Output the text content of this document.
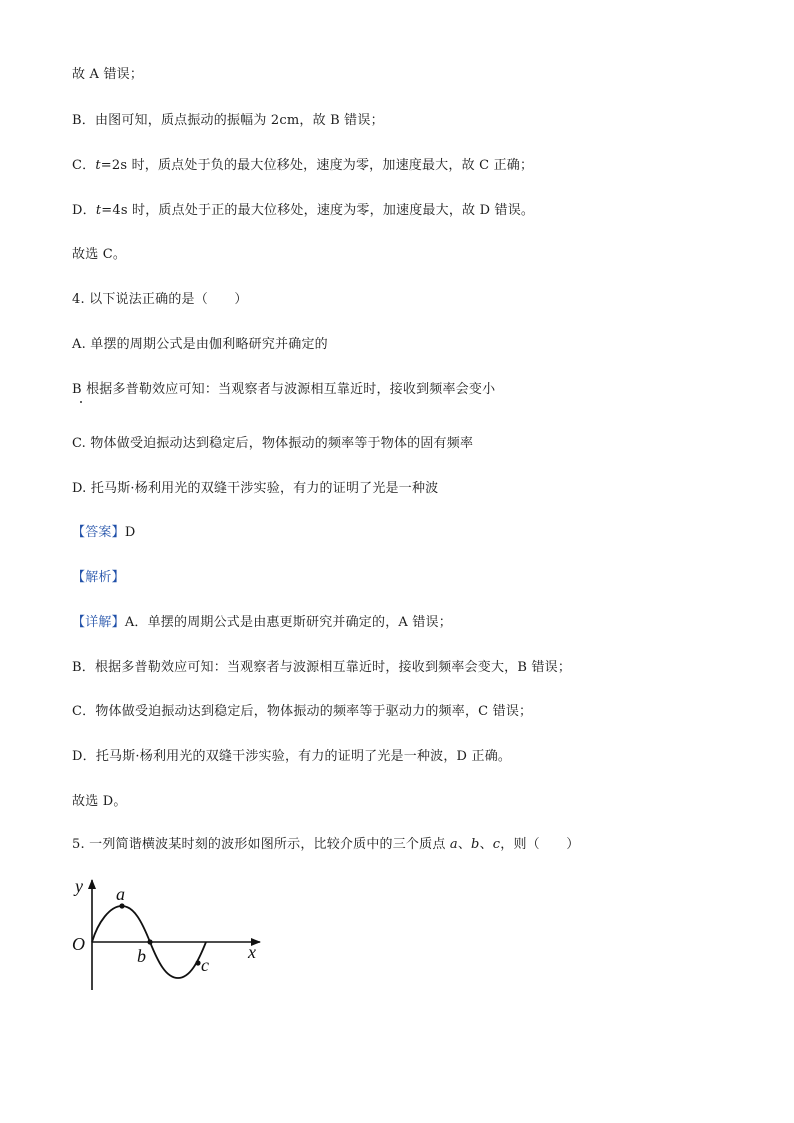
故 A 错误；
B．由图可知，质点振动的振幅为 2cm，故 B 错误；
C．t=2s 时，质点处于负的最大位移处，速度为零，加速度最大，故 C 正确；
D．t=4s 时，质点处于正的最大位移处，速度为零，加速度最大，故 D 错误。
故选 C。
4. 以下说法正确的是（　　）
A. 单摆的周期公式是由伽利略研究并确定的
B 根据多普勒效应可知：当观察者与波源相互靠近时，接收到频率会变小
C. 物体做受迫振动达到稳定后，物体振动的频率等于物体的固有频率
D. 托马斯·杨利用光的双缝干涉实验，有力的证明了光是一种波
【答案】D
【解析】
【详解】A．单摆的周期公式是由惠更斯研究并确定的，A 错误；
B．根据多普勒效应可知：当观察者与波源相互靠近时，接收到频率会变大，B 错误；
C．物体做受迫振动达到稳定后，物体振动的频率等于驱动力的频率，C 错误；
D．托马斯·杨利用光的双缝干涉实验，有力的证明了光是一种波，D 正确。
故选 D。
5. 一列简谐横波某时刻的波形如图所示，比较介质中的三个质点 a、b、c，则（　　）
y
x
O
a
b	c
